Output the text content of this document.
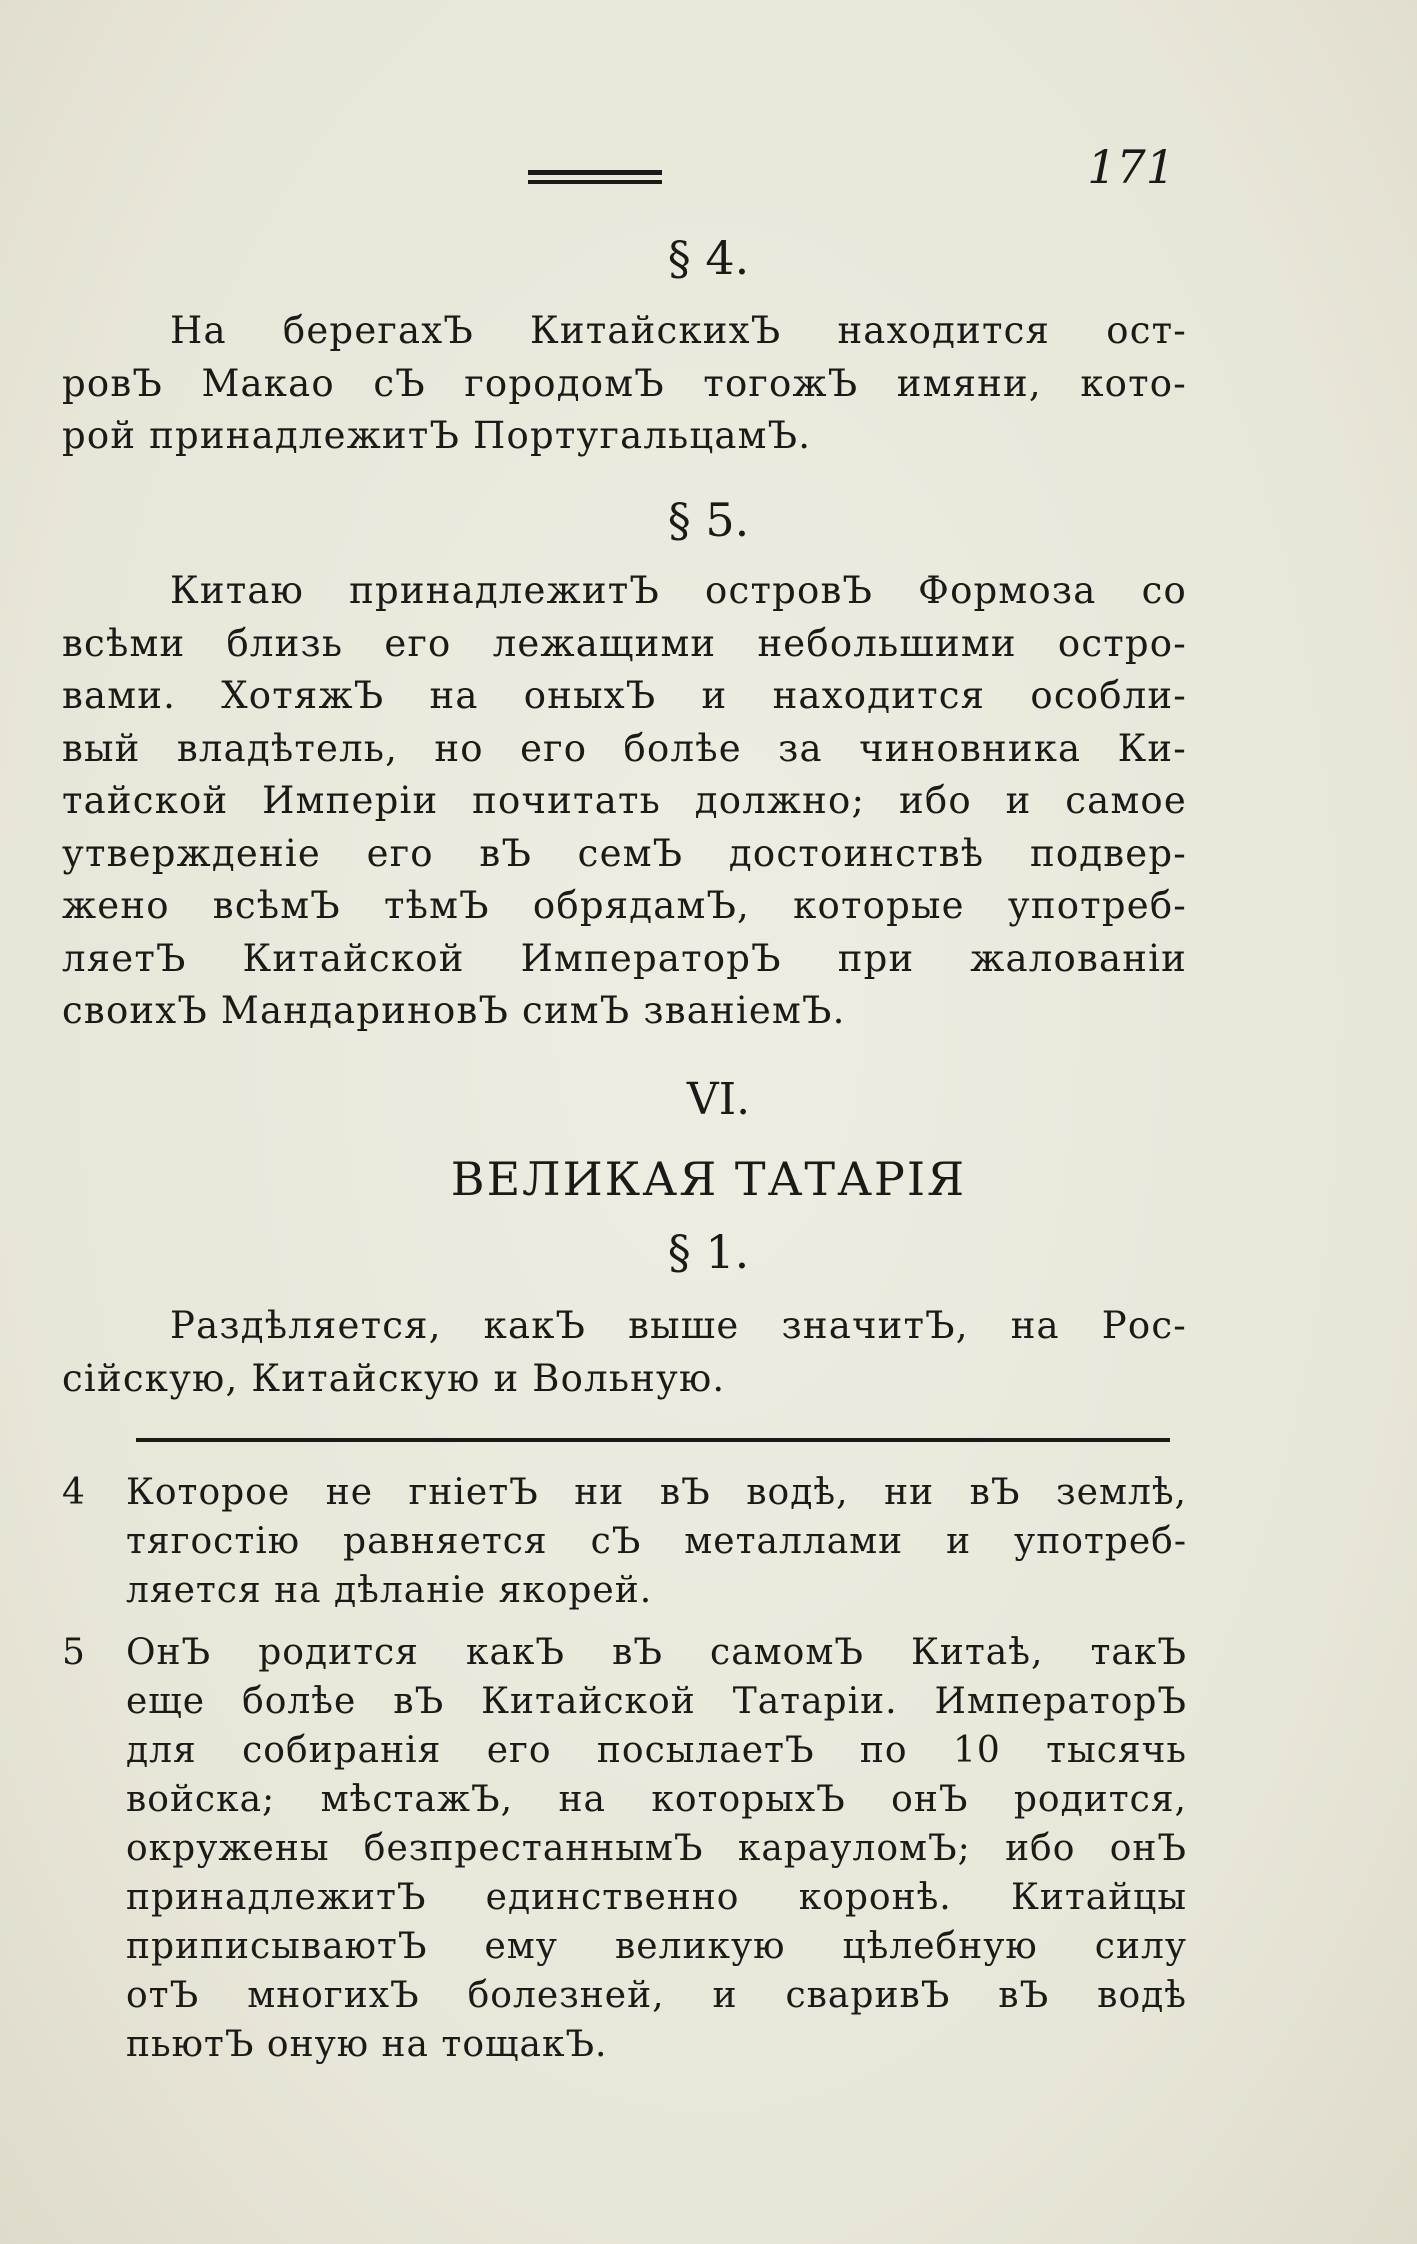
171
§ 4.
На берегахЪ КитайскихЪ находится ост-
ровЪ Макао сЪ городомЪ тогожЪ имяни, кото-
рой принадлежитЪ ПортугальцамЪ.
§ 5.
Китаю принадлежитЪ островЪ Формоза со
всѣми близь его лежащими небольшими остро-
вами. ХотяжЪ на оныхЪ и находится особли-
вый владѣтель, но его болѣе за чиновника Ки-
тайской Имперіи почитать должно; ибо и самое
утвержденіе его вЪ семЪ достоинствѣ подвер-
жено всѣмЪ тѣмЪ обрядамЪ, которые употреб-
ляетЪ Китайской ИмператорЪ при жалованіи
своихЪ МандариновЪ симЪ званіемЪ.
VI.
ВЕЛИКАЯ ТАТАРІЯ
§ 1.
Раздѣляется, какЪ выше значитЪ, на Рос-
сійскую, Китайскую и Вольную.
4 Которое не гніетЪ ни вЪ водѣ, ни вЪ землѣ,
тягостію равняется сЪ металлами и употреб-
ляется на дѣланіе якорей.
5 ОнЪ родится какЪ вЪ самомЪ Китаѣ, такЪ
еще болѣе вЪ Китайской Татаріи. ИмператорЪ
для собиранія его посылаетЪ по 10 тысячь
войска; мѣстажЪ, на которыхЪ онЪ родится,
окружены безпрестаннымЪ карауломЪ; ибо онЪ
принадлежитЪ единственно коронѣ. Китайцы
приписываютЪ ему великую цѣлебную силу
отЪ многихЪ болезней, и сваривЪ вЪ водѣ
пьютЪ оную на тощакЪ.
